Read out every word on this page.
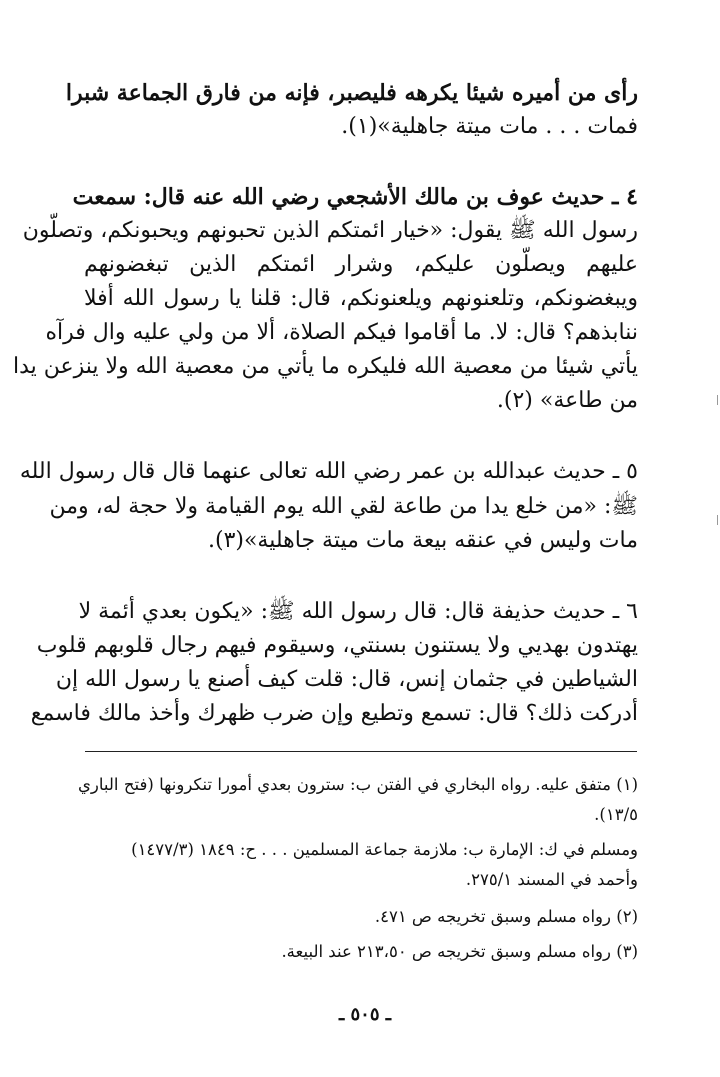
رأى من أميره شيئا يكرهه فليصبر، فإنه من فارق الجماعة شبرا
فمات . . . مات ميتة جاهلية»(١).
٤ ـ حديث عوف بن مالك الأشجعي رضي الله عنه قال: سمعت
رسول الله ﷺ يقول: «خيار ائمتكم الذين تحبونهم ويحبونكم، وتصلّون
عليهم ويصلّون عليكم، وشرار ائمتكم الذين تبغضونهم
ويبغضونكم، وتلعنونهم ويلعنونكم، قال: قلنا يا رسول الله أفلا
ننابذهم؟ قال: لا. ما أقاموا فيكم الصلاة، ألا من ولي عليه وال فرآه
يأتي شيئا من معصية الله فليكره ما يأتي من معصية الله ولا ينزعن يدا
من طاعة» (٢).
٥ ـ حديث عبدالله بن عمر رضي الله تعالى عنهما قال قال رسول الله
ﷺ: «من خلع يدا من طاعة لقي الله يوم القيامة ولا حجة له، ومن
مات وليس في عنقه بيعة مات ميتة جاهلية»(٣).
٦ ـ حديث حذيفة قال: قال رسول الله ﷺ: «يكون بعدي أئمة لا
يهتدون بهديي ولا يستنون بسنتي، وسيقوم فيهم رجال قلوبهم قلوب
الشياطين في جثمان إنس، قال: قلت كيف أصنع يا رسول الله إن
أدركت ذلك؟ قال: تسمع وتطيع وإن ضرب ظهرك وأخذ مالك فاسمع
(١) متفق عليه. رواه البخاري في الفتن ب: سترون بعدي أمورا تنكرونها (فتح الباري
١٣/٥).
ومسلم في ك: الإمارة ب: ملازمة جماعة المسلمين . . . ح: ١٨٤٩ (١٤٧٧/٣)
وأحمد في المسند ٢٧٥/١.
(٢) رواه مسلم وسبق تخريجه ص ٤٧١.
(٣) رواه مسلم وسبق تخريجه ص ٢١٣،٥٠ عند البيعة.
ـ ٥٠٥ ـ
